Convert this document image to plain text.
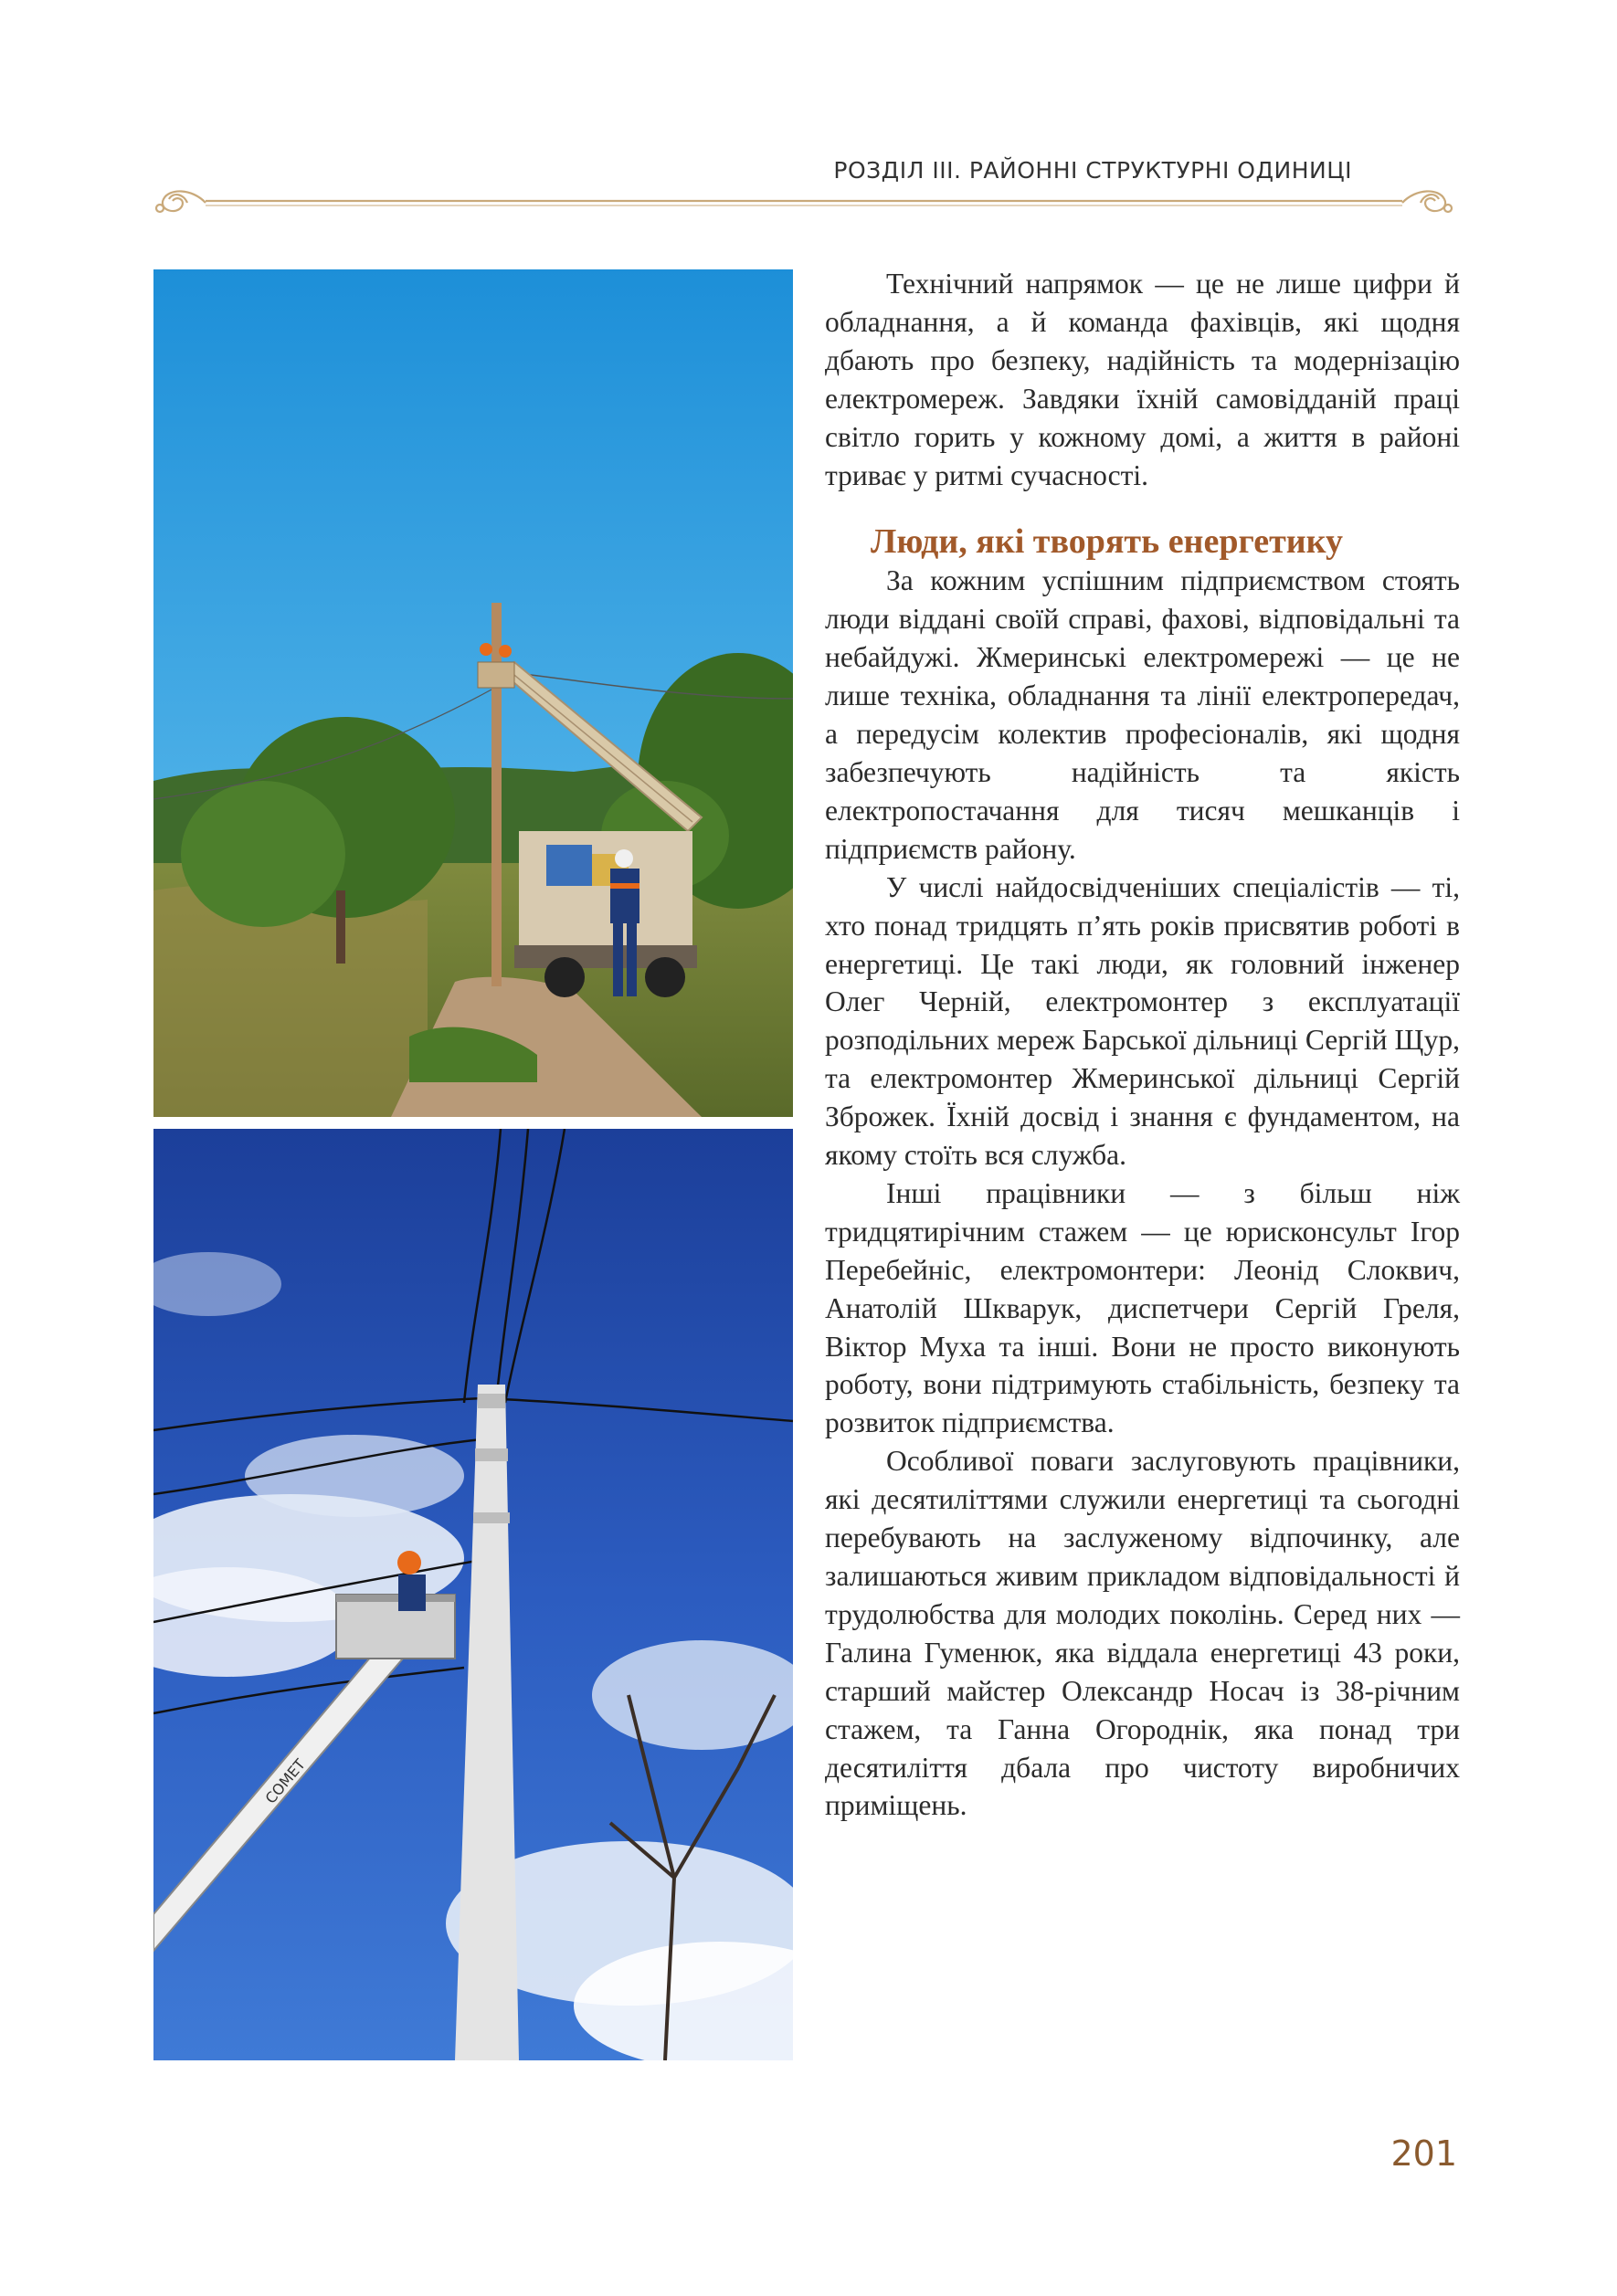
РОЗДІЛ ІІІ. РАЙОННІ СТРУКТУРНІ ОДИНИЦІ
COMET

Технічний напрямок — це не лише цифри й обладнання, а й команда фахівців, які щодня дбають про безпеку, надійність та модернізацію електромереж. Завдяки їхній самовідданій праці світло горить у кожному домі, а життя в районі триває у ритмі сучасності.

Люди, які творять енергетику

За кожним успішним підприємством стоять люди віддані своїй справі, фахові, відповідальні та небайдужі. Жмеринські електромережі — це не лише техніка, обладнання та лінії електропередач, а передусім колектив професіоналів, які щодня забезпечують надійність та якість електропостачання для тисяч мешканців і підприємств району.

У числі найдосвідченіших спеціалістів — ті, хто понад тридцять п’ять років присвятив роботі в енергетиці. Це такі люди, як головний інженер Олег Черній, електромонтер з експлуатації розподільних мереж Барської дільниці Сергій Щур, та електромонтер Жмеринської дільниці Сергій Зброжек. Їхній досвід і знання є фундаментом, на якому стоїть вся служба.

Інші працівники — з більш ніж тридцятирічним стажем — це юрисконсульт Ігор Перебейніс, електромонтери: Леонід Слоквич, Анатолій Шкварук, диспетчери Сергій Греля, Віктор Муха та інші. Вони не просто виконують роботу, вони підтримують стабільність, безпеку та розвиток підприємства.

Особливої поваги заслуговують працівники, які десятиліттями служили енергетиці та сьогодні перебувають на заслуженому відпочинку, але залишаються живим прикладом відповідальності й трудолюбства для молодих поколінь. Серед них — Галина Гуменюк, яка віддала енергетиці 43 роки, старший майстер Олександр Носач із 38-річним стажем, та Ганна Огороднік, яка понад три десятиліття дбала про чистоту виробничих приміщень.

201
